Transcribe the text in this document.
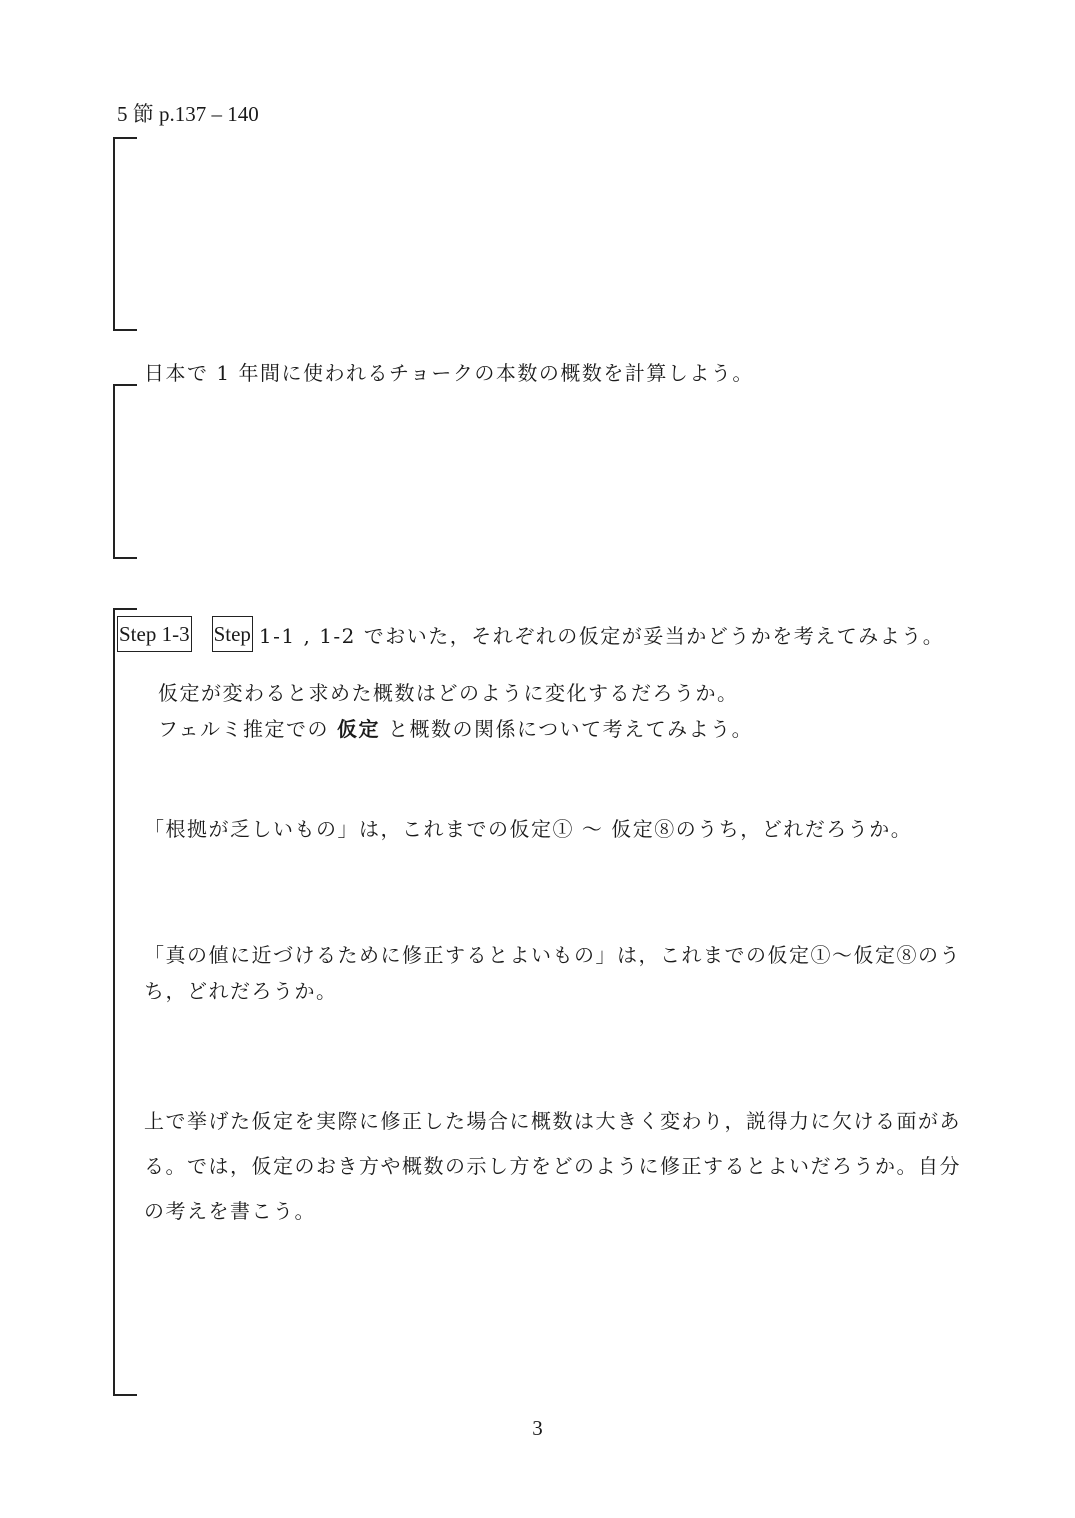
5 節 p.137 – 140
日本で 1 年間に使われるチョークの本数の概数を計算しよう。
Step 1-3 Step 1-1 , 1-2 でおいた，それぞれの仮定が妥当かどうかを考えてみよう。
仮定が変わると求めた概数はどのように変化するだろうか。
フェルミ推定での 仮定 と概数の関係について考えてみよう。
「根拠が乏しいもの」は，これまでの仮定① ～ 仮定⑧のうち，どれだろうか。
「真の値に近づけるために修正するとよいもの」は，これまでの仮定①～仮定⑧のうち，どれだろうか。
上で挙げた仮定を実際に修正した場合に概数は大きく変わり，説得力に欠ける面がある。では，仮定のおき方や概数の示し方をどのように修正するとよいだろうか。自分の考えを書こう。
3
